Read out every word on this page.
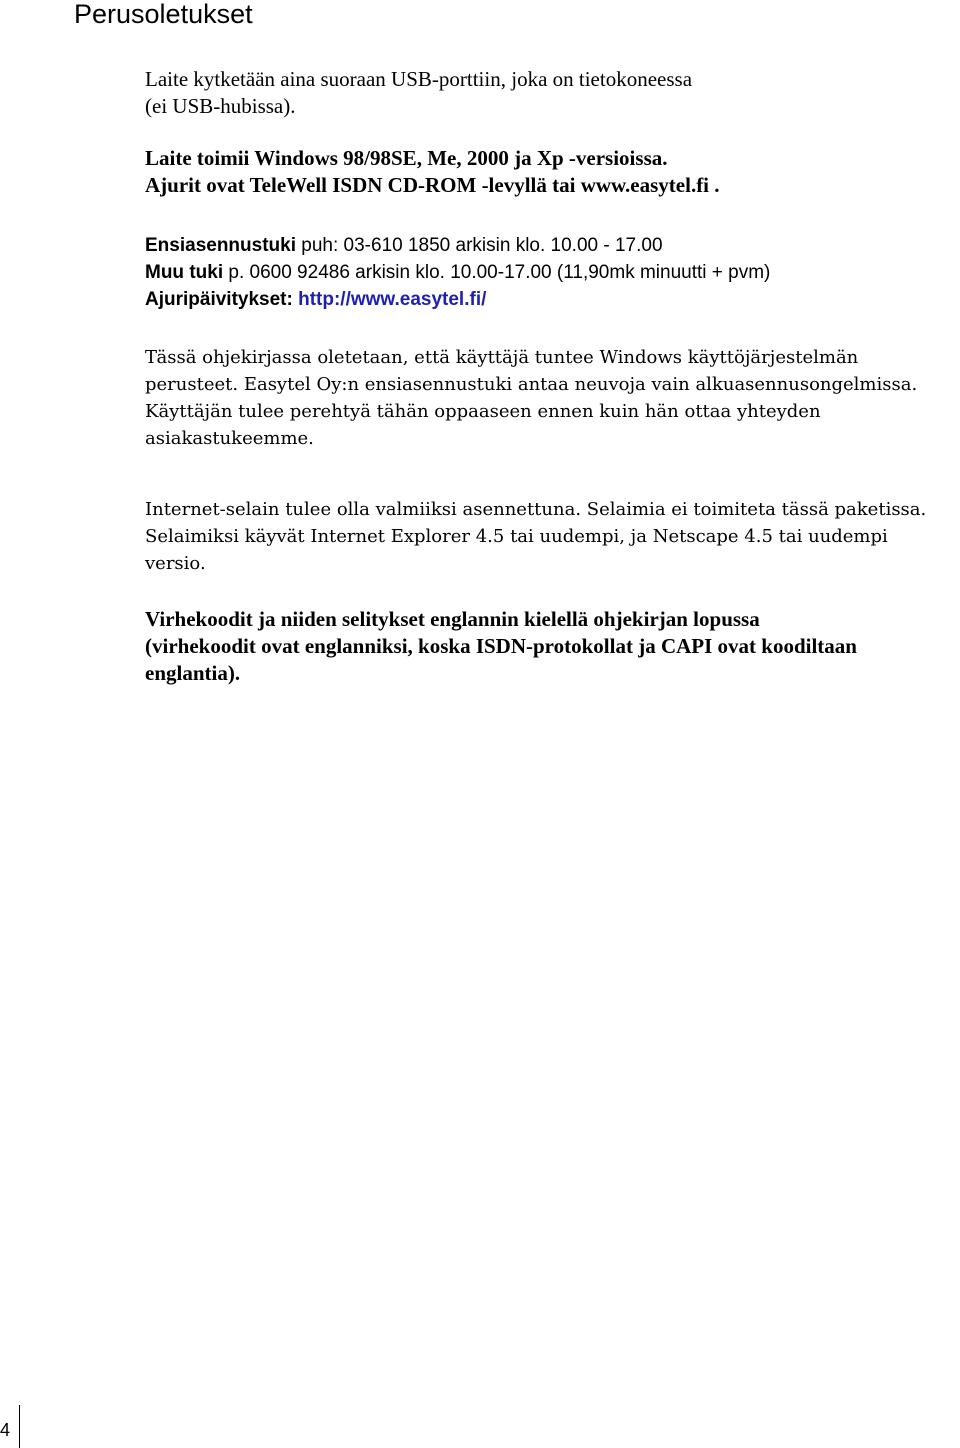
Perusoletukset
Laite kytketään aina suoraan USB-porttiin, joka on tietokoneessa
(ei USB-hubissa).
Laite toimii Windows 98/98SE, Me, 2000 ja Xp -versioissa.
Ajurit ovat TeleWell ISDN CD-ROM -levyllä tai www.easytel.fi .
Ensiasennustuki puh: 03-610 1850 arkisin klo. 10.00 - 17.00
Muu tuki p. 0600 92486 arkisin klo. 10.00-17.00 (11,90mk minuutti + pvm)
Ajuripäivitykset: http://www.easytel.fi/
Tässä ohjekirjassa oletetaan, että käyttäjä tuntee Windows käyttöjärjestelmän
perusteet. Easytel Oy:n ensiasennustuki antaa neuvoja vain alkuasennusongelmissa.
Käyttäjän tulee perehtyä tähän oppaaseen ennen kuin hän ottaa yhteyden
asiakastukeemme.
Internet-selain tulee olla valmiiksi asennettuna. Selaimia ei toimiteta tässä paketissa.
Selaimiksi käyvät Internet Explorer 4.5 tai uudempi, ja Netscape 4.5 tai uudempi
versio.
Virhekoodit ja niiden selitykset englannin kielellä ohjekirjan lopussa
(virhekoodit ovat englanniksi, koska ISDN-protokollat ja CAPI ovat koodiltaan
englantia).
4
